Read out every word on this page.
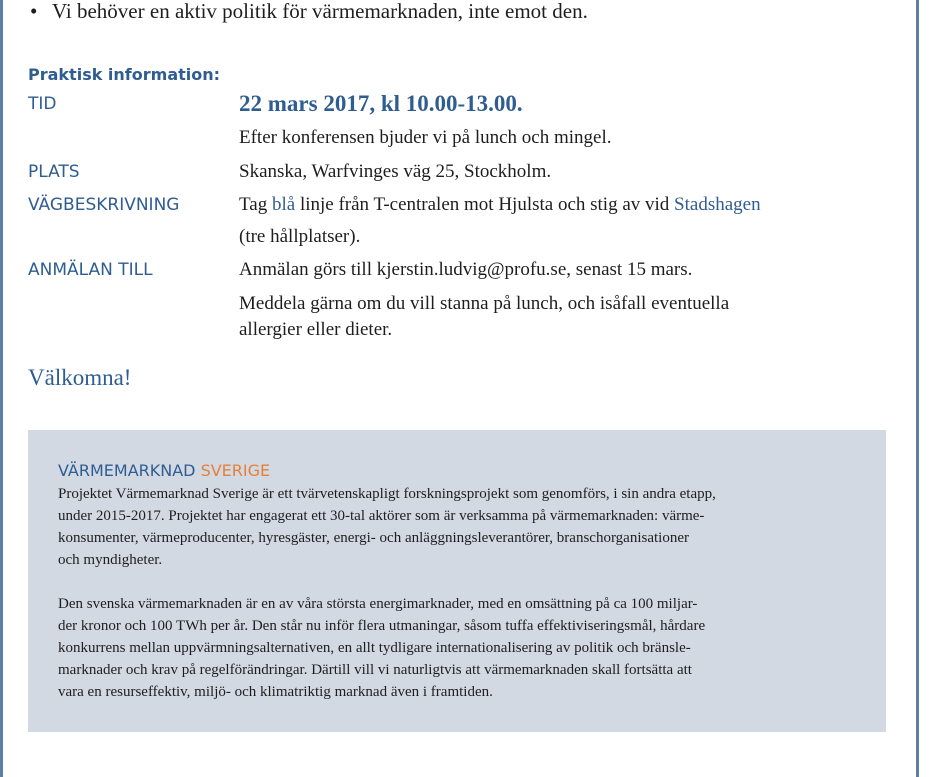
• Vi behöver en aktiv politik för värmemarknaden, inte emot den.
Praktisk information:
TID	22 mars 2017, kl 10.00-13.00.
Efter konferensen bjuder vi på lunch och mingel.
PLATS	Skanska, Warfvinges väg 25, Stockholm.
VÄGBESKRIVNING	Tag blå linje från T-centralen mot Hjulsta och stig av vid Stadshagen
(tre hållplatser).
ANMÄLAN TILL	Anmälan görs till kjerstin.ludvig@profu.se, senast 15 mars.
Meddela gärna om du vill stanna på lunch, och isåfall eventuella
allergier eller dieter.
Välkomna!
VÄRMEMARKNAD SVERIGE
Projektet Värmemarknad Sverige är ett tvärvetenskapligt forskningsprojekt som genomförs, i sin andra etapp,
under 2015-2017. Projektet har engagerat ett 30-tal aktörer som är verksamma på värmemarknaden: värme-
konsumenter, värmeproducenter, hyresgäster, energi- och anläggningsleverantörer, branschorganisationer
och myndigheter.
Den svenska värmemarknaden är en av våra största energimarknader, med en omsättning på ca 100 miljar-
der kronor och 100 TWh per år. Den står nu inför flera utmaningar, såsom tuffa effektiviseringsmål, hårdare
konkurrens mellan uppvärmningsalternativen, en allt tydligare internationalisering av politik och bränsle-
marknader och krav på regelförändringar. Därtill vill vi naturligtvis att värmemarknaden skall fortsätta att
vara en resurseffektiv, miljö- och klimatriktig marknad även i framtiden.
